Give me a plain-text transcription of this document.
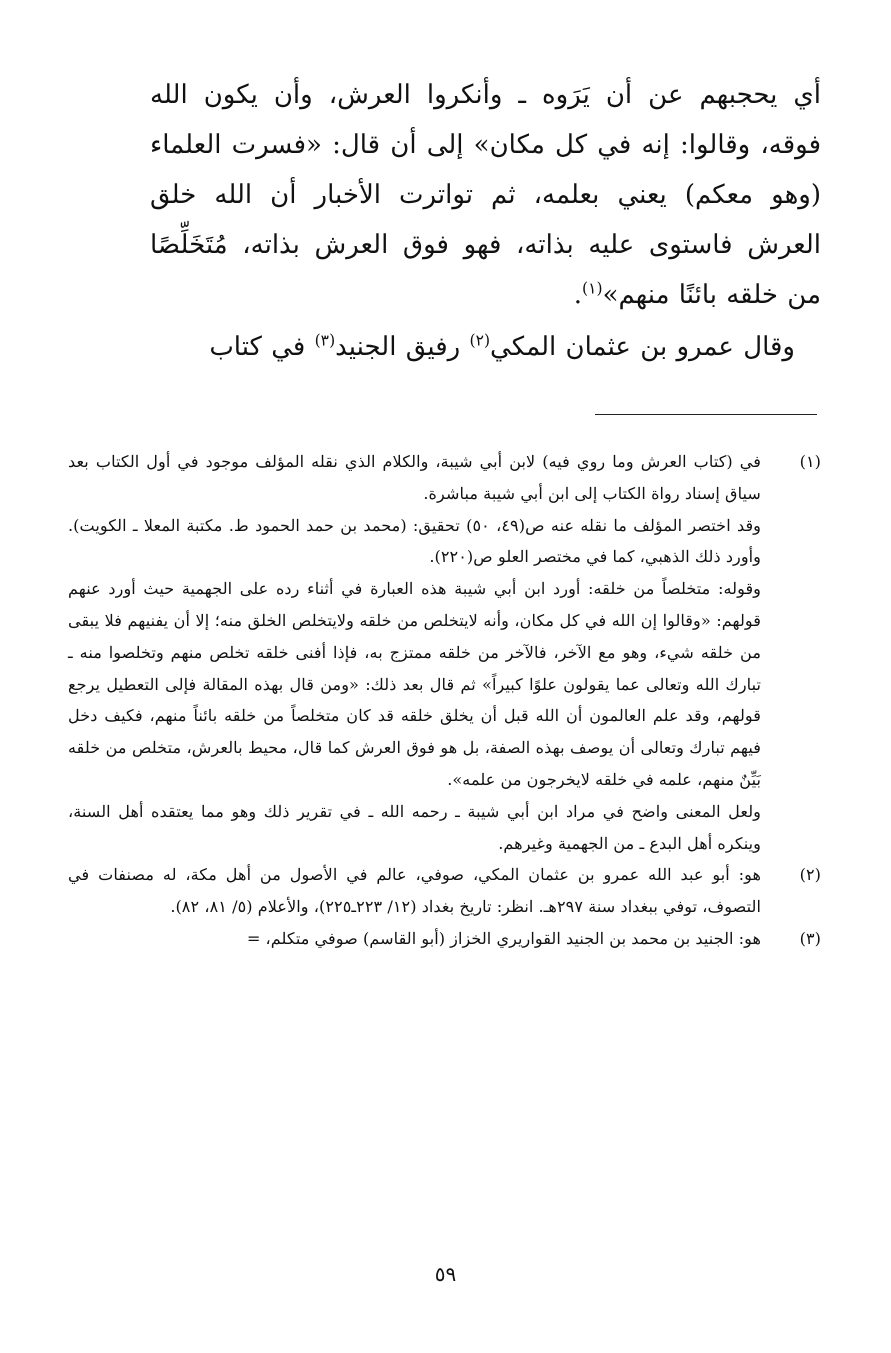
أي يحجبهم عن أن يَرَوه ـ وأنكروا العرش، وأن يكون الله فوقه، وقالوا: إنه في كل مكان» إلى أن قال: «فسرت العلماء (وهو معكم) يعني بعلمه، ثم تواترت الأخبار أن الله خلق العرش فاستوى عليه بذاته، فهو فوق العرش بذاته، مُتَخَلِّصًا من خلقه بائنًا منهم»$^{(١)}$.

وقال عمرو بن عثمان المكي$^{(٢)}$ رفيق الجنيد$^{(٣)}$ في كتاب

(١)

في (كتاب العرش وما روي فيه) لابن أبي شيبة، والكلام الذي نقله المؤلف موجود في أول الكتاب بعد سياق إسناد رواة الكتاب إلى ابن أبي شيبة مباشرة.

وقد اختصر المؤلف ما نقله عنه ص(٤٩، ٥٠) تحقيق: (محمد بن حمد الحمود ط. مكتبة المعلا ـ الكويت). وأورد ذلك الذهبي، كما في مختصر العلو ص(٢٢٠).

وقوله: متخلصاً من خلقه: أورد ابن أبي شيبة هذه العبارة في أثناء رده على الجهمية حيث أورد عنهم قولهم: «وقالوا إن الله في كل مكان، وأنه لايتخلص من خلقه ولايتخلص الخلق منه؛ إلا أن يفنيهم فلا يبقى من خلقه شيء، وهو مع الآخر، فالآخر من خلقه ممتزج به، فإذا أفنى خلقه تخلص منهم وتخلصوا منه ـ تبارك الله وتعالى عما يقولون علوًا كبيراً» ثم قال بعد ذلك: «ومن قال بهذه المقالة فإلى التعطيل يرجع قولهم، وقد علم العالمون أن الله قبل أن يخلق خلقه قد كان متخلصاً من خلقه بائناً منهم، فكيف دخل فيهم تبارك وتعالى أن يوصف بهذه الصفة، بل هو فوق العرش كما قال، محيط بالعرش، متخلص من خلقه بَيِّنٌ منهم، علمه في خلقه لايخرجون من علمه».

ولعل المعنى واضح في مراد ابن أبي شيبة ـ رحمه الله ـ في تقرير ذلك وهو مما يعتقده أهل السنة، وينكره أهل البدع ـ من الجهمية وغيرهم.

(٢)

هو: أبو عبد الله عمرو بن عثمان المكي، صوفي، عالم في الأصول من أهل مكة، له مصنفات في التصوف، توفي ببغداد سنة ٢٩٧هـ. انظر: تاريخ بغداد (١٢/ ٢٢٣ـ٢٢٥)، والأعلام (٥/ ٨١، ٨٢).

(٣)

هو: الجنيد بن محمد بن الجنيد القواريري الخزاز (أبو القاسم) صوفي متكلم، =

٥٩
